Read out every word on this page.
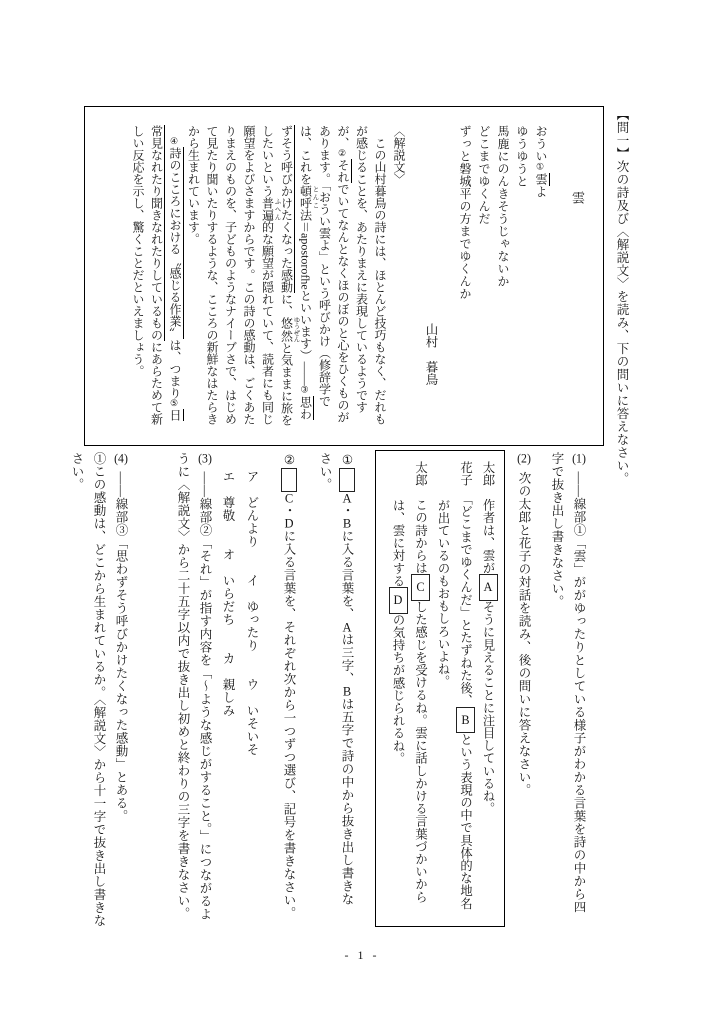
【問一】次の詩及び〈解説文〉を読み、下の問いに答えなさい。

雲

おうい①雲よ

ゆうゆうと

馬鹿にのんきそうじゃないか

どこまでゆくんだ

ずっと磐城平の方までゆくんか

山村　暮鳥

〈解説文〉

この山村暮鳥の詩には、ほとんど技巧もなく、だれもが感じることを、あたりまえに表現しているようですが、②それでいてなんとなくほのぼのと心をひくものがあります。「おうい雲よ」という呼びかけ（修辞学では、これを頓呼 とんこ法＝apostorofheといいます）――③思わずそう呼びかけたくなった感動に、悠然 ゆうぜんと気ままに旅をしたいという普遍 ふへん的な願望が隠れていて、読者にも同じ願望をよびさますからです。この詩の感動は、ごくあたりまえのものを、子どものようなナイーブさで、はじめて見たり聞いたりするような、こころの新鮮なはたらきから生まれています。

④詩のこころにおける〝感じる作業〟は、つまり⑤日常見なれたり聞きなれたりしているものにあらためて新しい反応を示し、驚くことだといえましょう。

(1)――線部①「雲」ががゆったりとしている様子がわかる言葉を詩の中から四字で抜き出し書きなさい。

(2)次の太郎と花子の対話を読み、後の問いに答えなさい。

太郎　作者は、雲がAそうに見えることに注目しているね。

花子　「どこまでゆくんだ」とたずねた後、Bという表現の中で具体的な地名が出ているのもおもしろいよね。

太郎　この詩からはCした感じを受けるね。雲に話しかける言葉づかいからは、雲に対するDの気持ちが感じられるね。

①A・Bに入る言葉を、Aは三字、Bは五字で詩の中から抜き出し書きなさい。

②C・Dに入る言葉を、それぞれ次から一つずつ選び、記号を書きなさい。

ア　どんより　　イ　ゆったり　　ウ　いそいそ

エ　尊敬　　オ　いらだち　　カ　親しみ

(3)――線部②「それ」が指す内容を「〜ような感じがすること。」につながるように〈解説文〉から二十五字以内で抜き出し初めと終わりの三字を書きなさい。

(4)――線部③「思わずそう呼びかけたくなった感動」とある。

①この感動は、どこから生まれているか。〈解説文〉から十一字で抜き出し書きなさい。

- 1 -
